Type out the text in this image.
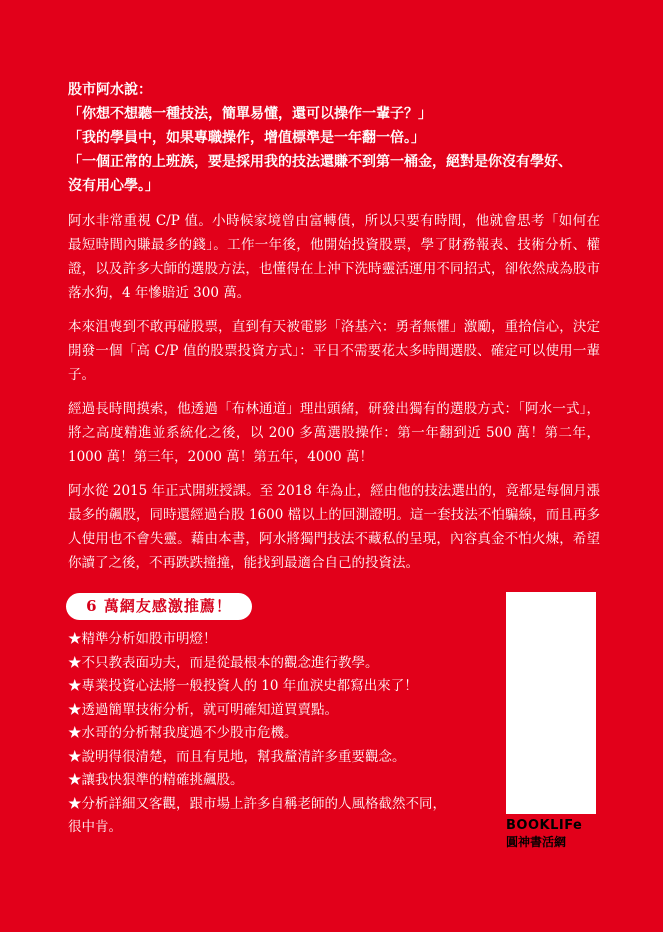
股市阿水說：
「你想不想聽一種技法，簡單易懂，還可以操作一輩子？」
「我的學員中，如果專職操作，增值標準是一年翻一倍。」
「一個正常的上班族，要是採用我的技法還賺不到第一桶金，絕對是你沒有學好、
沒有用心學。」

阿水非常重視 C/P 值。小時候家境曾由富轉債，所以只要有時間，他就會思考「如何在最短時間內賺最多的錢」。工作一年後，他開始投資股票，學了財務報表、技術分析、權證，以及許多大師的選股方法，也懂得在上沖下洗時靈活運用不同招式，卻依然成為股市落水狗，4 年慘賠近 300 萬。

本來沮喪到不敢再碰股票，直到有天被電影「洛基六：勇者無懼」激勵，重拾信心，決定開發一個「高 C/P 值的股票投資方式」：平日不需要花太多時間選股、確定可以使用一輩子。

經過長時間摸索，他透過「布林通道」理出頭緒，研發出獨有的選股方式：「阿水一式」，將之高度精進並系統化之後，以 200 多萬選股操作：第一年翻到近 500 萬！第二年，1000 萬！第三年，2000 萬！第五年，4000 萬！

阿水從 2015 年正式開班授課。至 2018 年為止，經由他的技法選出的，竟都是每個月漲最多的飆股，同時還經過台股 1600 檔以上的回測證明。這一套技法不怕騙線，而且再多人使用也不會失靈。藉由本書，阿水將獨門技法不藏私的呈現，內容真金不怕火煉，希望你讀了之後，不再跌跌撞撞，能找到最適合自己的投資法。

6 萬網友感激推薦！
★精準分析如股市明燈！
★不只教表面功夫，而是從最根本的觀念進行教學。
★專業投資心法將一般投資人的 10 年血淚史都寫出來了！
★透過簡單技術分析，就可明確知道買賣點。
★水哥的分析幫我度過不少股市危機。
★說明得很清楚，而且有見地，幫我釐清許多重要觀念。
★讓我快狠準的精確挑飆股。
★分析詳細又客觀，跟市場上許多自稱老師的人風格截然不同，
很中肯。	BOOKLIFe
圓神書活網
